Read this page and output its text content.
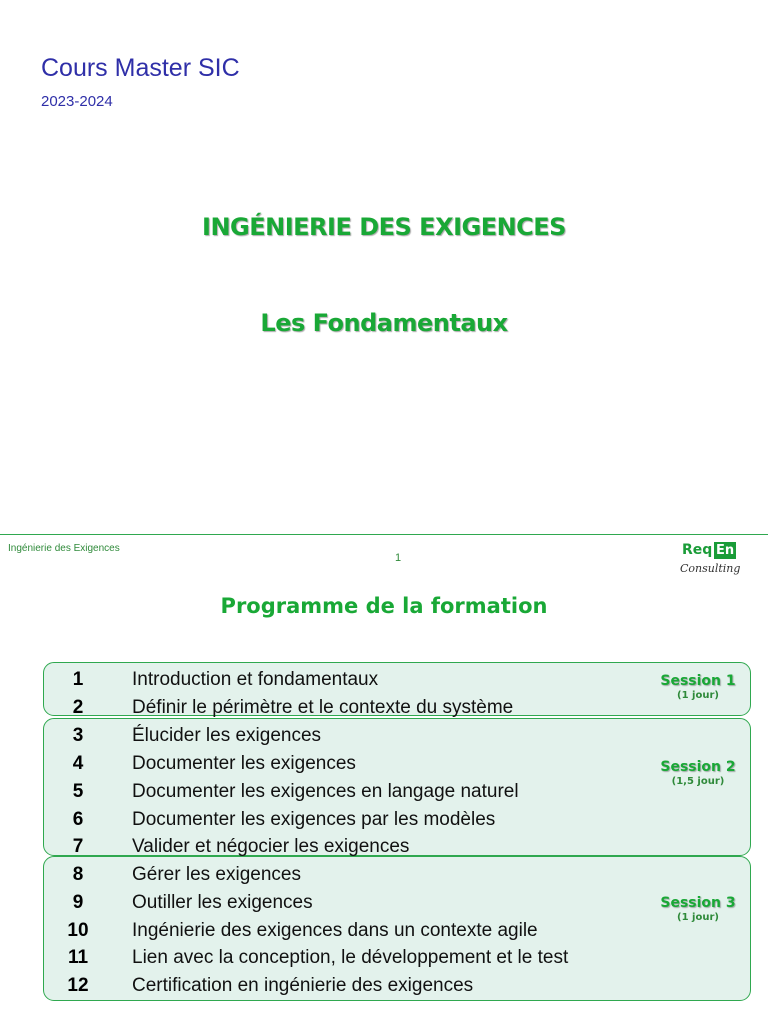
Cours Master SIC
2023-2024
INGÉNIERIE DES EXIGENCES
Les Fondamentaux
Ingénierie des Exigences
1	Req En
Consulting
Programme de la formation
Session 1
(1 jour)
Session 2
(1,5 jour)
Session 3
(1 jour)
1	Introduction et fondamentaux
2	Définir le périmètre et le contexte du système
3	Élucider les exigences
4	Documenter les exigences
5	Documenter les exigences en langage naturel
6	Documenter les exigences par les modèles
7	Valider et négocier les exigences
8	Gérer les exigences
9	Outiller les exigences
10	Ingénierie des exigences dans un contexte agile
11	Lien avec la conception, le développement et le test
12	Certification en ingénierie des exigences
